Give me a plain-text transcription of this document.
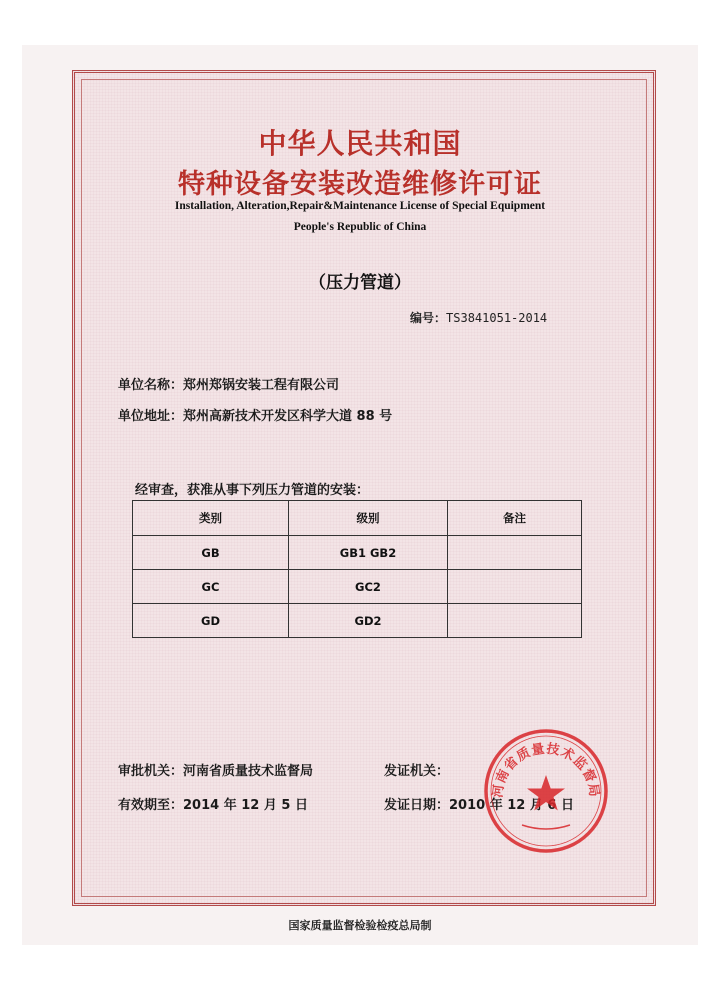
中华人民共和国
特种设备安装改造维修许可证
Installation, Alteration,Repair&Maintenance License of Special Equipment
People's Republic of China
（压力管道）
编号：TS3841051-2014
单位名称：郑州郑锅安装工程有限公司
单位地址：郑州高新技术开发区科学大道 88 号
经审查，获准从事下列压力管道的安装：
类别	级别	备注
GB	GB1 GB2	
GC	GC2	
GD	GD2	
审批机关：河南省质量技术监督局	发证机关：
有效期至：2014 年 12 月 5 日	发证日期：2010 年 12 月 6 日
河南省质量技术监督局
国家质量监督检验检疫总局制
